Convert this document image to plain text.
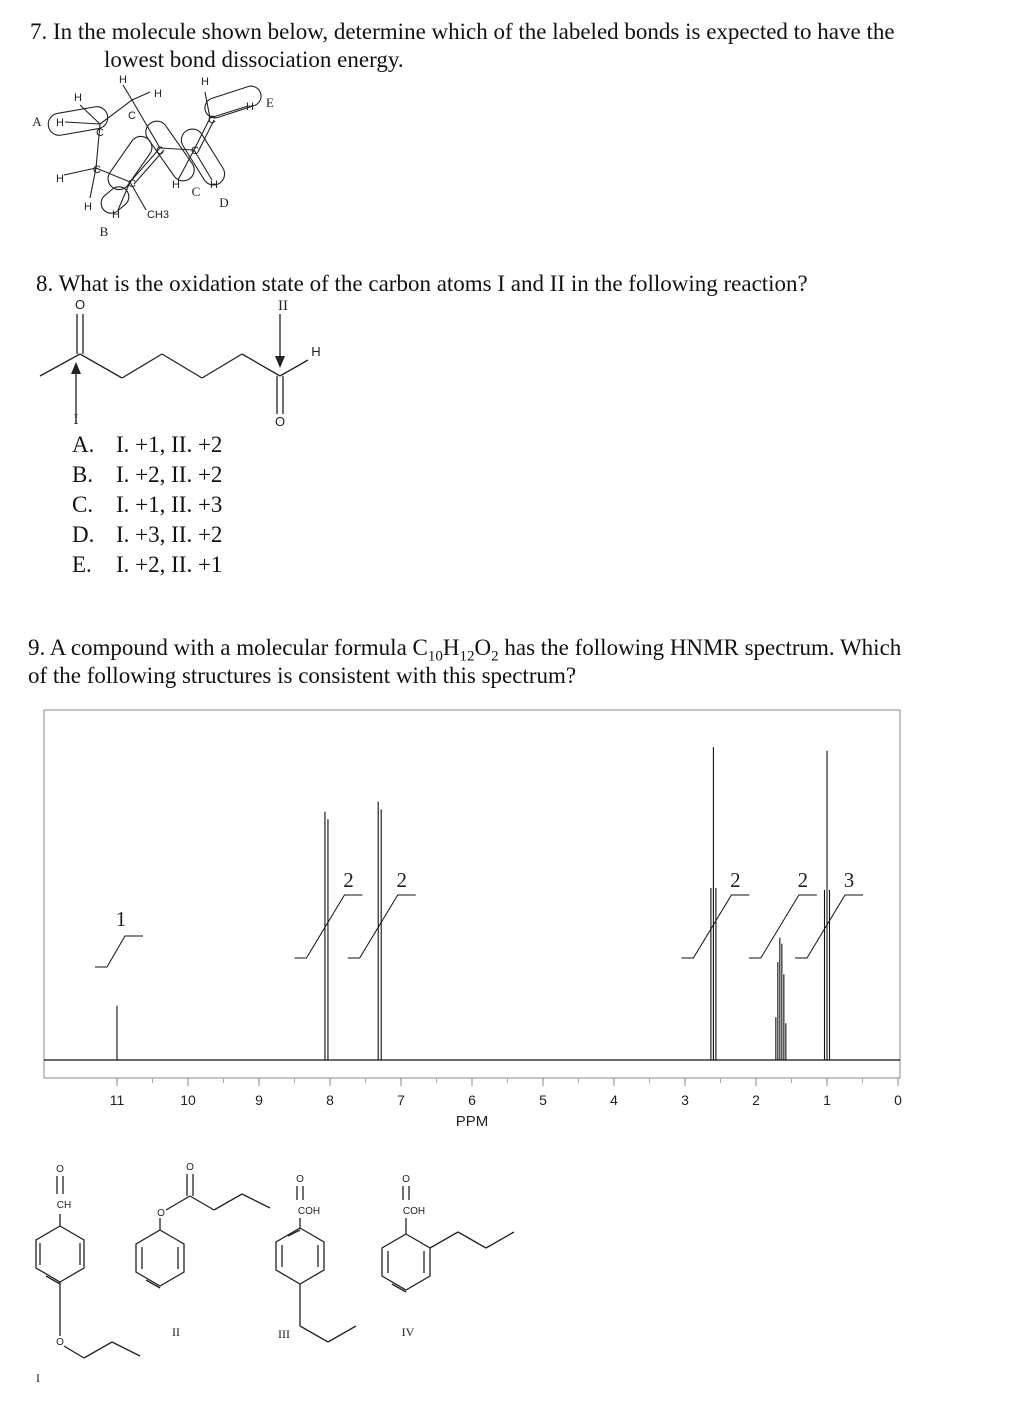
7. In the molecule shown below, determine which of the labeled bonds is expected to have the
lowest bond dissociation energy.
H
H
H
H
H
H
H
H
H	H
H
C
C
C
C
C C
C
CH3
A
B
C
D
E
8. What is the oxidation state of the carbon atoms I and II in the following reaction?
O
O
H
I
II
A. I. +1, II. +2
B. I. +2, II. +2
C. I. +1, II. +3
D. I. +3, II. +2
E. I. +2, II. +1
9. A compound with a molecular formula $C_{10}H_{12}O_2$ has the following HNMR spectrum. Which
of the following structures is consistent with this spectrum?
PPM
11	10	9	8	7	6	5	4	3	2	1	0
1
2 2	2	2 3
O
CH
O
O
O
O
COH
O
COH
I
II	III	IV
